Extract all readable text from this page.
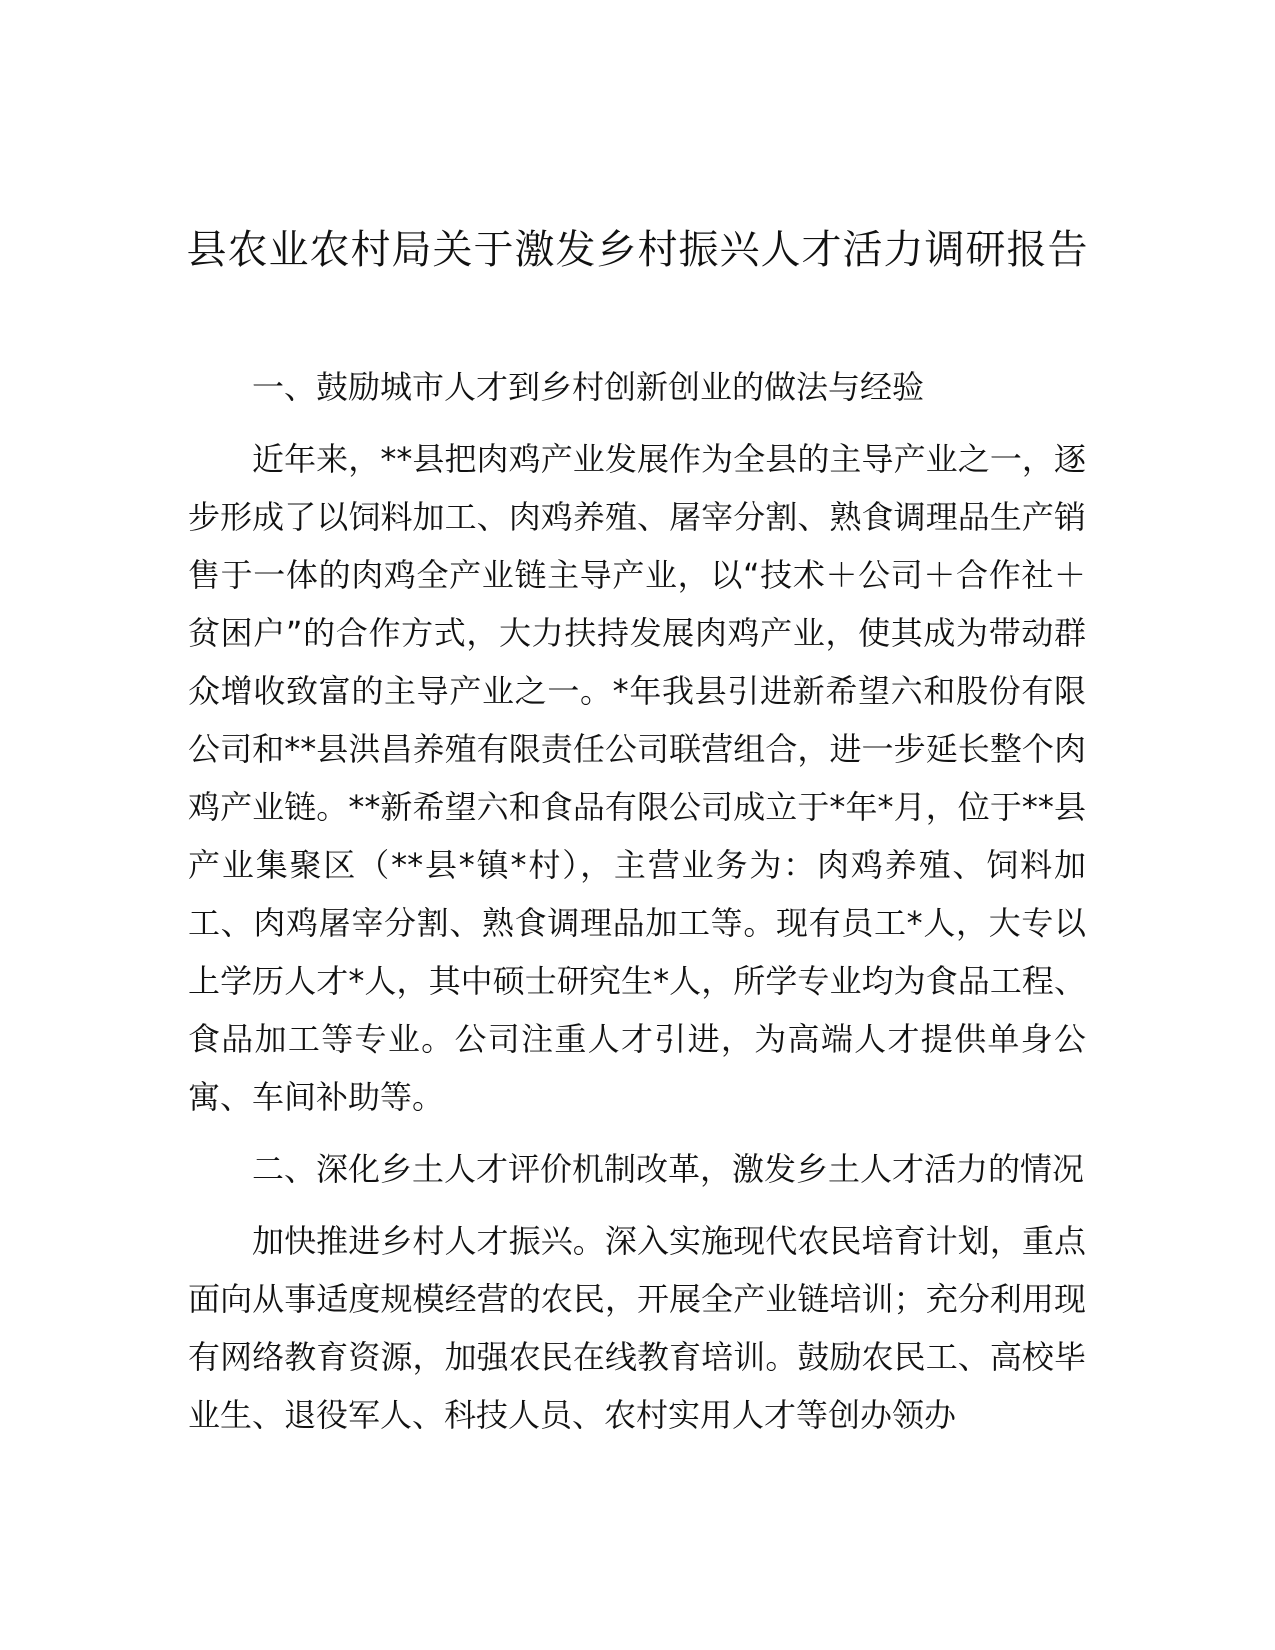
县农业农村局关于激发乡村振兴人才活力调研报告

一、鼓励城市人才到乡村创新创业的做法与经验

近年来，**县把肉鸡产业发展作为全县的主导产业之一，逐步形成了以饲料加工、肉鸡养殖、屠宰分割、熟食调理品生产销售于一体的肉鸡全产业链主导产业，以“技术＋公司＋合作社＋贫困户”的合作方式，大力扶持发展肉鸡产业，使其成为带动群众增收致富的主导产业之一。*年我县引进新希望六和股份有限公司和**县洪昌养殖有限责任公司联营组合，进一步延长整个肉鸡产业链。**新希望六和食品有限公司成立于*年*月，位于**县产业集聚区（**县*镇*村），主营业务为：肉鸡养殖、饲料加工、肉鸡屠宰分割、熟食调理品加工等。现有员工*人，大专以上学历人才*人，其中硕士研究生*人，所学专业均为食品工程、食品加工等专业。公司注重人才引进，为高端人才提供单身公寓、车间补助等。

二、深化乡土人才评价机制改革，激发乡土人才活力的情况

加快推进乡村人才振兴。深入实施现代农民培育计划，重点面向从事适度规模经营的农民，开展全产业链培训；充分利用现有网络教育资源，加强农民在线教育培训。鼓励农民工、高校毕业生、退役军人、科技人员、农村实用人才等创办领办
